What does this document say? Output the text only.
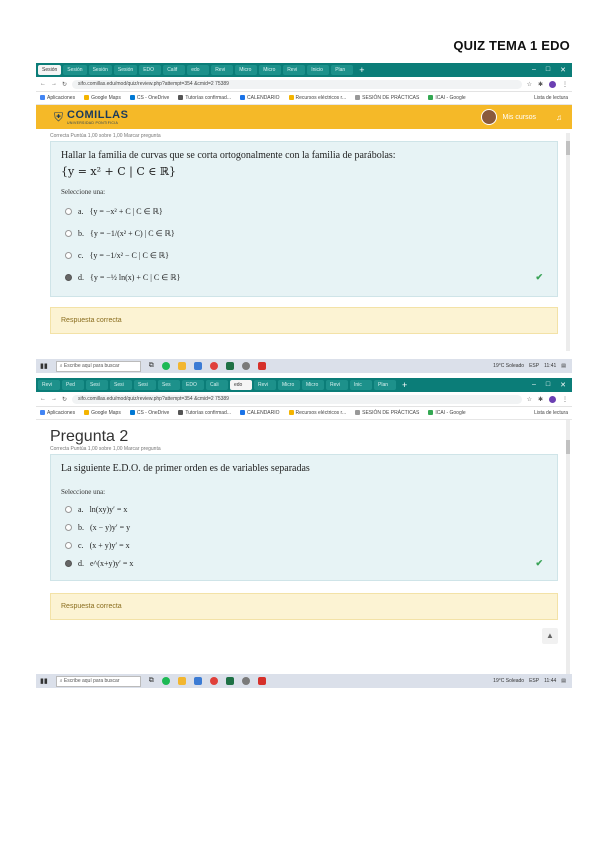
QUIZ TEMA 1 EDO
Sesión	Sesión	Sesión	Sesión	EDO	Calif	edo	Revi	Micro	Micro	Revi	Inicio	Plan	+	– □ ✕
← → ↻	sifo.comillas.edu/mod/quiz/review.php?attempt=354 &cmid=2 75389	☆ ✱	⋮
Aplicaciones	Google Maps	CS - OneDrive	Tutorías confirmad...	CALENDARIO	Recursos eléctricos r...	SESIÓN DE PRÁCTICAS	ICAI - Google	Lista de lectura
⛨ COMILLAS
UNIVERSIDAD PONTIFICIA
Mis cursos	♫

Correcta Puntúa 1,00 sobre 1,00 Marcar pregunta

Hallar la familia de curvas que se corta ortogonalmente con la familia de parábolas:

{y = x² + C | C ∈ ℝ}

Seleccione una:

a. {y = −x² + C | C ∈ ℝ}
b. {y = −1/(x² + C) | C ∈ ℝ}
c. {y = −1/x² − C | C ∈ ℝ}
d. {y = −½ ln(x) + C | C ∈ ℝ}	✔
Respuesta correcta
▮▮	⌕ Escribe aquí para buscar	⧉	19°C Soleado ESP 11:41 ▤
Revi	Ped	Sesi	Sesi	Sesi	Ses	EDO	Cali	edo	Revi	Micro	Micro	Revi	Inic	Plan	+	– □ ✕
← → ↻	sifo.comillas.edu/mod/quiz/review.php?attempt=354 &cmid=2 75389	☆ ✱	⋮
Aplicaciones	Google Maps	CS - OneDrive	Tutorías confirmad...	CALENDARIO	Recursos eléctricos r...	SESIÓN DE PRÁCTICAS	ICAI - Google	Lista de lectura

Pregunta 2

Correcta Puntúa 1,00 sobre 1,00 Marcar pregunta

La siguiente E.D.O. de primer orden es de variables separadas

Seleccione una:

a. ln(xy)y′ = x
b. (x − y)y′ = y
c. (x + y)y′ = x
d. e^(x+y)y′ = x	✔
Respuesta correcta
▲
▮▮	⌕ Escribe aquí para buscar	⧉	19°C Soleado ESP 11:44 ▤
